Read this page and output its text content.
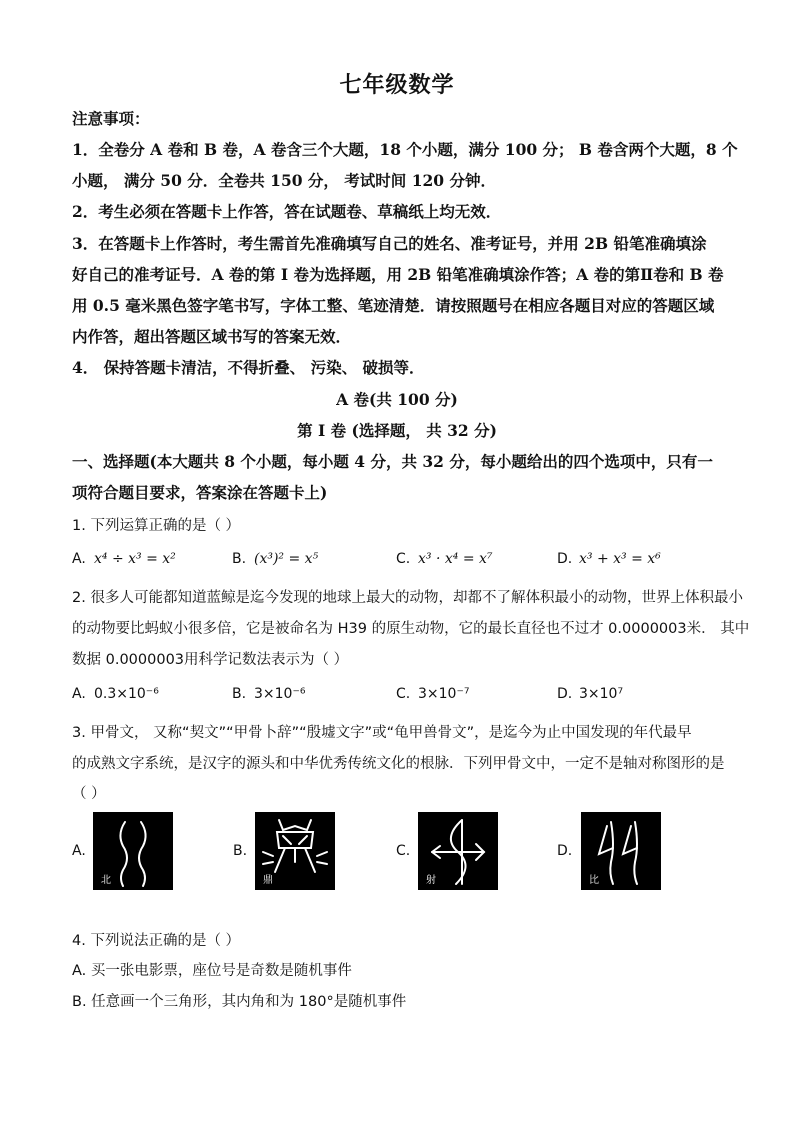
七年级数学
注意事项：
1．全卷分 A 卷和 B 卷，A 卷含三个大题，18 个小题，满分 100 分； B 卷含两个大题，8 个
小题， 满分 50 分．全卷共 150 分， 考试时间 120 分钟．
2．考生必须在答题卡上作答，答在试题卷、草稿纸上均无效．
3．在答题卡上作答时，考生需首先准确填写自己的姓名、准考证号，并用 2B 铅笔准确填涂
好自己的准考证号．A 卷的第 I 卷为选择题，用 2B 铅笔准确填涂作答；A 卷的第Ⅱ卷和 B 卷
用 0.5 毫米黑色签字笔书写，字体工整、笔迹清楚．请按照题号在相应各题目对应的答题区域
内作答，超出答题区域书写的答案无效．
4． 保持答题卡清洁，不得折叠、 污染、 破损等．
A 卷(共 100 分)
第 Ⅰ 卷 (选择题， 共 32 分)
一、选择题(本大题共 8 个小题，每小题 4 分，共 32 分，每小题给出的四个选项中，只有一
项符合题目要求，答案涂在答题卡上)
1. 下列运算正确的是（ ）
A. x⁴ ÷ x³ = x²	B. (x³)² = x⁵	C. x³ · x⁴ = x⁷	D. x³ + x³ = x⁶
2. 很多人可能都知道蓝鲸是迄今发现的地球上最大的动物，却都不了解体积最小的动物，世界上体积最小
的动物要比蚂蚁小很多倍，它是被命名为 H39 的原生动物，它的最长直径也不过才 0.0000003米． 其中
数据 0.0000003用科学记数法表示为（ ）
A. 0.3×10⁻⁶	B. 3×10⁻⁶	C. 3×10⁻⁷	D. 3×10⁷
3. 甲骨文， 又称“契文”“甲骨卜辞”“殷墟文字”或“龟甲兽骨文”，是迄今为止中国发现的年代最早
的成熟文字系统，是汉字的源头和中华优秀传统文化的根脉．下列甲骨文中，一定不是轴对称图形的是
（ ）
A.
北
B.
鼎
C.
射
D.
比
4. 下列说法正确的是（ ）
A. 买一张电影票，座位号是奇数是随机事件
B. 任意画一个三角形，其内角和为 180°是随机事件
